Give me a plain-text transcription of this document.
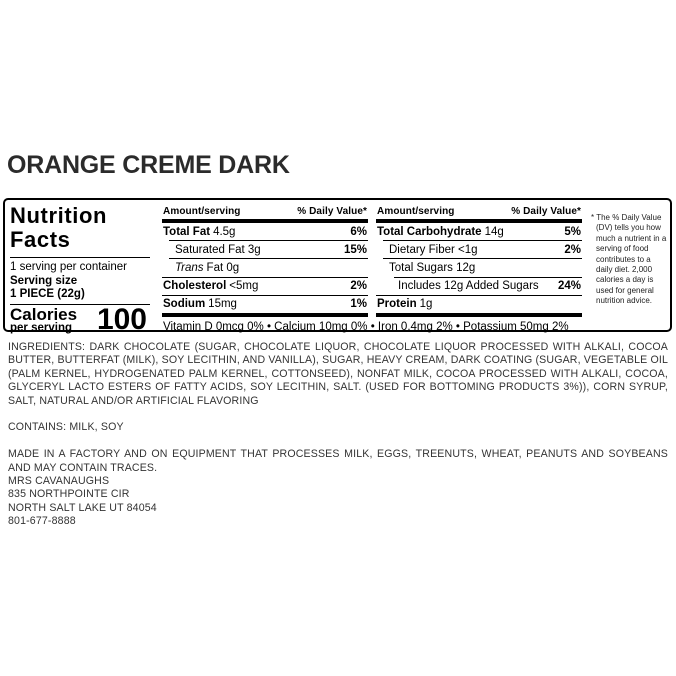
ORANGE CREME DARK
Nutrition
Facts
1 serving per container
Serving size
1 PIECE (22g)
Calories
per serving 100
Amount/serving	% Daily Value*
Total Fat 4.5g	6%
Saturated Fat 3g	15%
Trans Fat 0g
Cholesterol <5mg	2%
Sodium 15mg	1%
Amount/serving	% Daily Value*
Total Carbohydrate 14g	5%
Dietary Fiber <1g	2%
Total Sugars 12g
Includes 12g Added Sugars 24%
Protein 1g
Vitamin D 0mcg 0% • Calcium 10mg 0% • Iron 0.4mg 2% • Potassium 50mg 2%
* The % Daily Value (DV) tells you how much a nutrient in a serving of food contributes to a daily diet. 2,000 calories a day is used for general nutrition advice.
INGREDIENTS: DARK CHOCOLATE (SUGAR, CHOCOLATE LIQUOR, CHOCOLATE LIQUOR PROCESSED WITH ALKALI, COCOA BUTTER, BUTTERFAT (MILK), SOY LECITHIN, AND VANILLA), SUGAR, HEAVY CREAM, DARK COATING (SUGAR, VEGETABLE OIL (PALM KERNEL, HYDROGENATED PALM KERNEL, COTTONSEED), NONFAT MILK, COCOA PROCESSED WITH ALKALI, COCOA, GLYCERYL LACTO ESTERS OF FATTY ACIDS, SOY LECITHIN, SALT. (USED FOR BOTTOMING PRODUCTS 3%)), CORN SYRUP, SALT, NATURAL AND/OR ARTIFICIAL FLAVORING
CONTAINS: MILK, SOY
MADE IN A FACTORY AND ON EQUIPMENT THAT PROCESSES MILK, EGGS, TREENUTS, WHEAT, PEANUTS AND SOYBEANS AND MAY CONTAIN TRACES.
MRS CAVANAUGHS
835 NORTHPOINTE CIR
NORTH SALT LAKE UT 84054
801-677-8888
